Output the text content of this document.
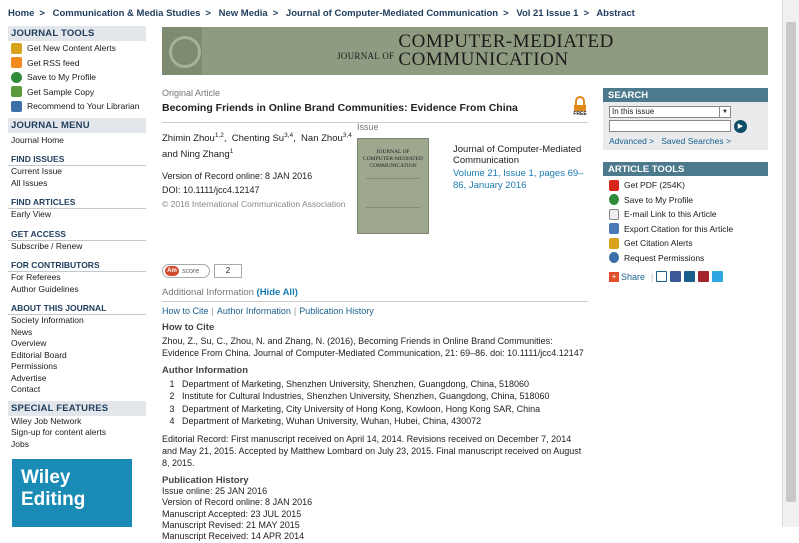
Home > Communication & Media Studies > New Media > Journal of Computer-Mediated Communication > Vol 21 Issue 1 > Abstract
JOURNAL TOOLS
Get New Content Alerts
Get RSS feed
Save to My Profile
Get Sample Copy
Recommend to Your Librarian
JOURNAL MENU
Journal Home
FIND ISSUES
Current Issue
All Issues
FIND ARTICLES
Early View
GET ACCESS
Subscribe / Renew
FOR CONTRIBUTORS
For Referees
Author Guidelines
ABOUT THIS JOURNAL
Society Information
News
Overview
Editorial Board
Permissions
Advertise
Contact
SPECIAL FEATURES
Wiley Job Network
Sign-up for content alerts
Jobs
Wiley
Editing
JOURNAL OF
COMPUTER-MEDIATED
COMMUNICATION
Original Article
Becoming Friends in Online Brand Communities: Evidence From China	FREE
Zhimin Zhou$^{1,2}$, Chenting Su$^{3,4}$, Nan Zhou$^{3,4}$
and Ning Zhang$^1$
Version of Record online: 8 JAN 2016
DOI: 10.1111/jcc4.12147
© 2016 International Communication Association
Issue
JOURNAL OF
COMPUTER-MEDIATED COMMUNICATION
Journal of Computer-Mediated Communication
Volume 21, Issue 1, pages 69–86, January 2016
Am score	2
Additional Information (Hide All)
How to Cite | Author Information | Publication History
How to Cite
Zhou, Z., Su, C., Zhou, N. and Zhang, N. (2016), Becoming Friends in Online Brand Communities: Evidence From China. Journal of Computer-Mediated Communication, 21: 69–86. doi: 10.1111/jcc4.12147
Author Information
1 Department of Marketing, Shenzhen University, Shenzhen, Guangdong, China, 518060
2 Institute for Cultural Industries, Shenzhen University, Shenzhen, Guangdong, China, 518060
3 Department of Marketing, City University of Hong Kong, Kowloon, Hong Kong SAR, China
4 Department of Marketing, Wuhan University, Wuhan, Hubei, China, 430072
Editorial Record: First manuscript received on April 14, 2014. Revisions received on December 7, 2014 and May 21, 2015. Accepted by Matthew Lombard on July 23, 2015. Final manuscript received on August 8, 2015.
Publication History
Issue online: 25 JAN 2016
Version of Record online: 8 JAN 2016
Manuscript Accepted: 23 JUL 2015
Manuscript Revised: 21 MAY 2015
Manuscript Received: 14 APR 2014
SEARCH
In this issue	▼
▶
Advanced > Saved Searches >
ARTICLE TOOLS
Get PDF (254K)
Save to My Profile
E-mail Link to this Article
Export Citation for this Article
Get Citation Alerts
Request Permissions
+ Share |
